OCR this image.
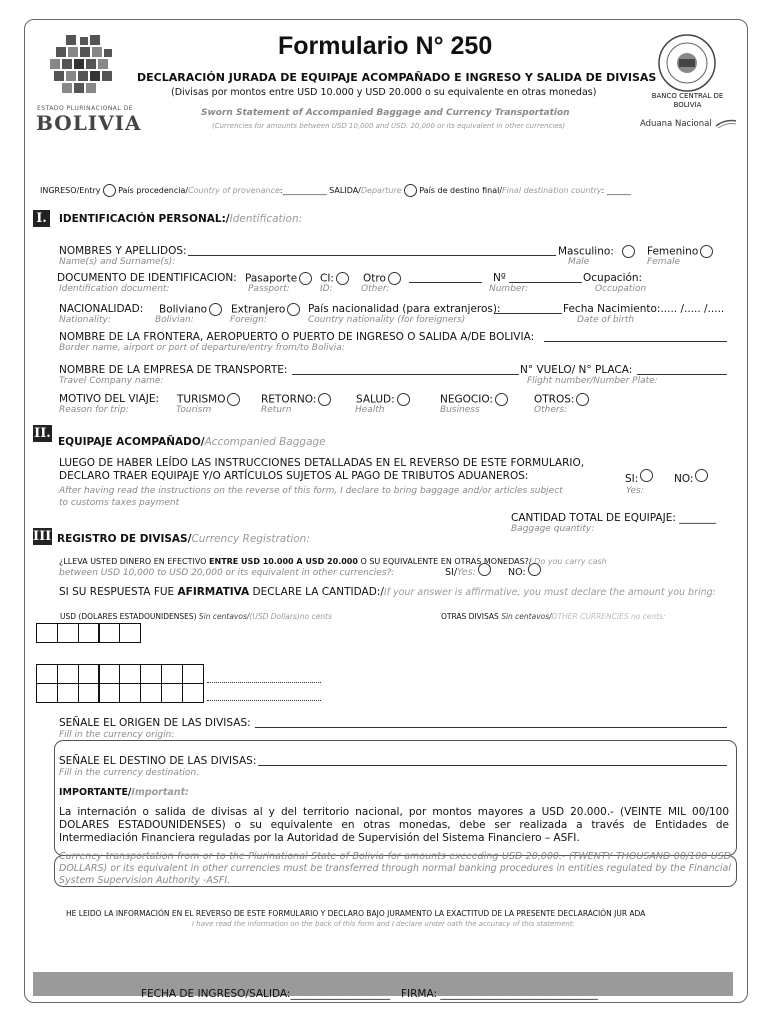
ESTADO PLURINACIONAL DE
BOLIVIA
Formulario N° 250
DECLARACIÓN JURADA DE EQUIPAJE ACOMPAÑADO E INGRESO Y SALIDA DE DIVISAS
(Divisas por montos entre USD 10.000 y USD 20.000 o su equivalente en otras monedas)
Sworn Statement of Accompanied Baggage and Currency Transportation
(Currencies for amounts between USD 10,000 and USD. 20,000 or its equivalent in other currencies)
BANCO CENTRAL DE BOLIVIA
Aduana Nacional
INGRESO/Entry País procedencia/Country of provenance:___________ SALIDA/Departure País de destino final/Final destination country: ______
I.	IDENTIFICACIÓN PERSONAL:/Identification:
NOMBRES Y APELLIDOS:
Name(s) and Surname(s):
Masculino:
Male
Femenino
Female
DOCUMENTO DE IDENTIFICACION: Pasaporte	CI:	Otro	Nº	Ocupación:
Identification document:	Passport:	ID:	Other:	Number:	Occupation
NACIONALIDAD: Boliviano	Extranjero	País nacionalidad (para extranjeros):	Fecha Nacimiento:..... /..... /.....
Nationality:	Bolivian:	Foreign:	Country nationality (for foreigners)	Date of birth
NOMBRE DE LA FRONTERA, AEROPUERTO O PUERTO DE INGRESO O SALIDA A/DE BOLIVIA:
Border name, airport or port of departure/entry from/to Bolivia:
NOMBRE DE LA EMPRESA DE TRANSPORTE:	N° VUELO/ N° PLACA:
Travel Company name:	Flight number/Number Plate:
MOTIVO DEL VIAJE: TURISMO	RETORNO:	SALUD:	NEGOCIO:	OTROS:
Reason for trip:	Tourism	Return	Health	Business	Others:
II.
EQUIPAJE ACOMPAÑADO/Accompanied Baggage
LUEGO DE HABER LEÍDO LAS INSTRUCCIONES DETALLADAS EN EL REVERSO DE ESTE FORMULARIO,
DECLARO TRAER EQUIPAJE Y/O ARTÍCULOS SUJETOS AL PAGO DE TRIBUTOS ADUANEROS:
After having read the instructions on the reverse of this form, I declare to bring baggage and/or articles subject
to customs taxes payment
SI:
Yes:
NO:
CANTIDAD TOTAL DE EQUIPAJE: _______
Baggage quantity:
III. REGISTRO DE DIVISAS/Currency Registration:
¿LLEVA USTED DINERO EN EFECTIVO ENTRE USD 10.000 A USD 20.000 O SU EQUIVALENTE EN OTRAS MONEDAS?/ Do you carry cash
between USD 10,000 to USD 20,000 or its equivalent in other currencies?:	SI/Yes:	NO:
SI SU RESPUESTA FUE AFIRMATIVA DECLARE LA CANTIDAD:/If your answer is affirmative, you must declare the amount you bring:
USD (DOLARES ESTADOUNIDENSES) Sin centavos/(USD Dollars)no cents	OTRAS DIVISAS Sin centavos/OTHER CURRENCIES no cents:
SEÑALE EL ORIGEN DE LAS DIVISAS:
Fill in the currency origin:
SEÑALE EL DESTINO DE LAS DIVISAS:
Fill in the currency destination.
IMPORTANTE/Important:
La internación o salida de divisas al y del territorio nacional, por montos mayores a USD 20.000.- (VEINTE MIL 00/100 DOLARES ESTADOUNIDENSES) o su equivalente en otras monedas, debe ser realizada a través de Entidades de Intermediación Financiera reguladas por la Autoridad de Supervisión del Sistema Financiero – ASFI.
Currency transportation from or to the Plurinational State of Bolivia for amounts exceeding USD 20,000.- (TWENTY THOUSAND 00/100 USD DOLLARS) or its equivalent in other currencies must be transferred through normal banking procedures in entities regulated by the Financial System Supervision Authority -ASFI.
HE LEIDO LA INFORMACIÓN EN EL REVERSO DE ESTE FORMULARIO Y DECLARO BAJO JURAMENTO LA EXACTITUD DE LA PRESENTE DECLARACIÓN JUR ADA
I have read the information on the back of this form and I declare under oath the accuracy of this statement:
FECHA DE INGRESO/SALIDA:___________________ FIRMA: ______________________________
